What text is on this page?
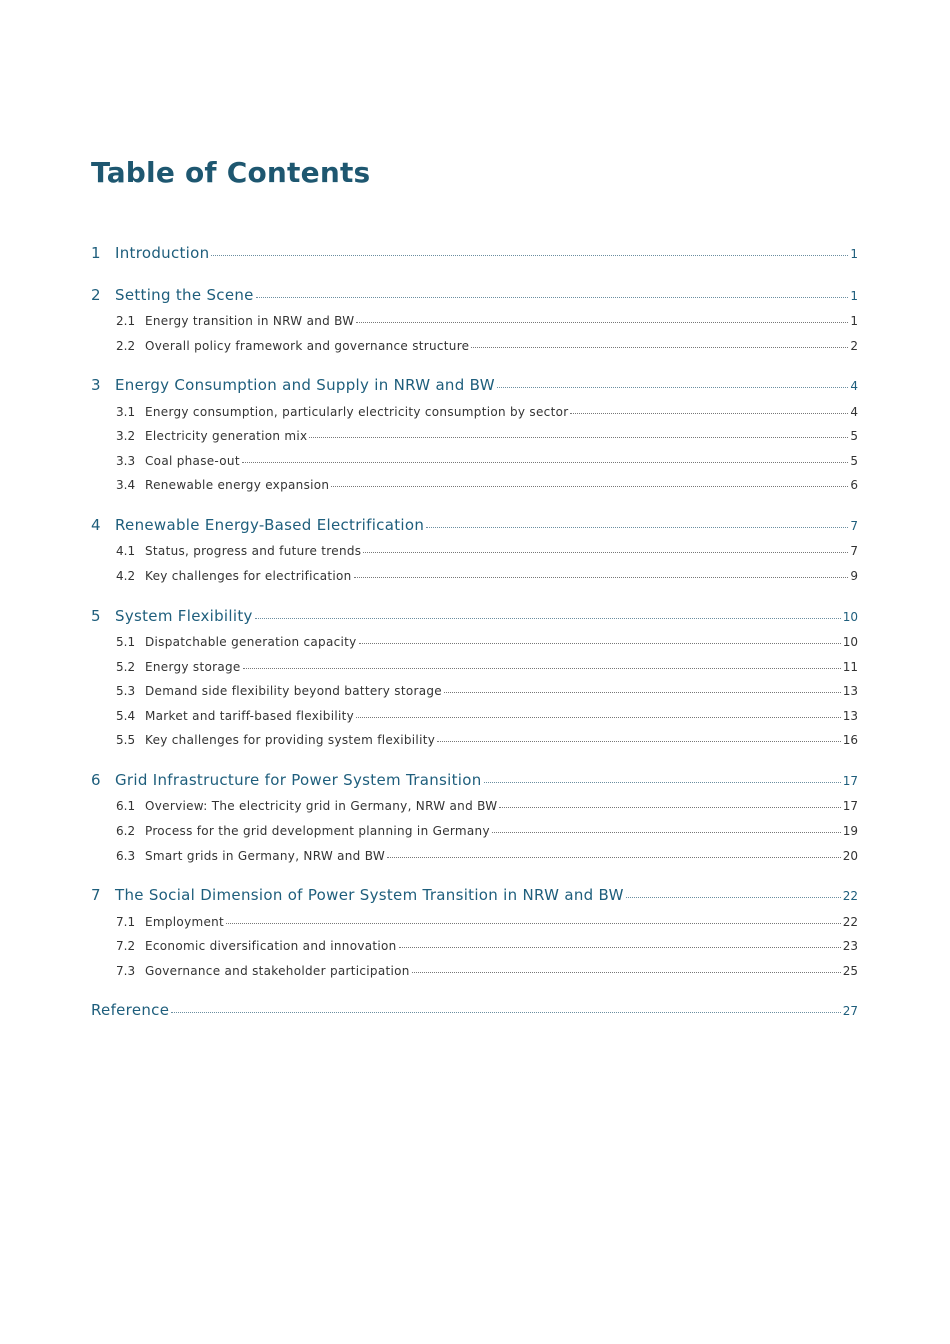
Table of Contents
1 Introduction	1
2 Setting the Scene	1
2.1 Energy transition in NRW and BW	1
2.2 Overall policy framework and governance structure	2
3 Energy Consumption and Supply in NRW and BW	4
3.1 Energy consumption, particularly electricity consumption by sector	4
3.2 Electricity generation mix	5
3.3 Coal phase-out	5
3.4 Renewable energy expansion	6
4 Renewable Energy-Based Electrification	7
4.1 Status, progress and future trends	7
4.2 Key challenges for electrification	9
5 System Flexibility	10
5.1 Dispatchable generation capacity	10
5.2 Energy storage	11
5.3 Demand side flexibility beyond battery storage	13
5.4 Market and tariff-based flexibility	13
5.5 Key challenges for providing system flexibility	16
6 Grid Infrastructure for Power System Transition	17
6.1 Overview: The electricity grid in Germany, NRW and BW	17
6.2 Process for the grid development planning in Germany	19
6.3 Smart grids in Germany, NRW and BW	20
7 The Social Dimension of Power System Transition in NRW and BW	22
7.1 Employment	22
7.2 Economic diversification and innovation	23
7.3 Governance and stakeholder participation	25
Reference	27
